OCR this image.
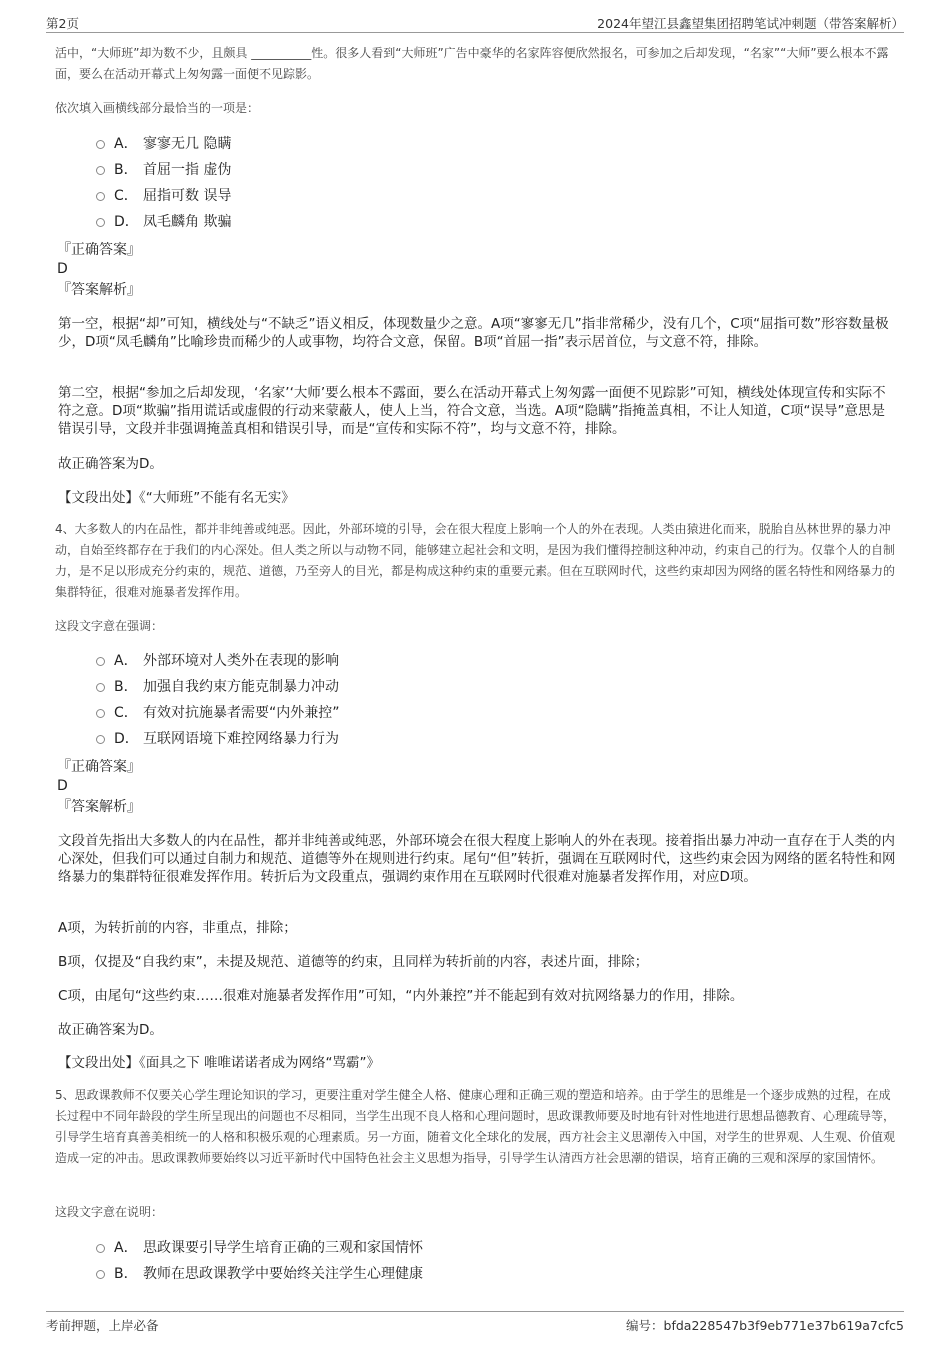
第2页	2024年望江县鑫望集团招聘笔试冲刺题（带答案解析）

活中，“大师班”却为数不少，且颇具 __________性。很多人看到“大师班”广告中豪华的名家阵容便欣然报名，可参加之后却发现，“名家”“大师”要么根本不露面，要么在活动开幕式上匆匆露一面便不见踪影。

依次填入画横线部分最恰当的一项是：

A． 寥寥无几 隐瞒
B． 首屈一指 虚伪
C． 屈指可数 误导
D． 凤毛麟角 欺骗
『正确答案』
D
『答案解析』

第一空，根据“却”可知，横线处与“不缺乏”语义相反，体现数量少之意。A项“寥寥无几”指非常稀少，没有几个，C项“屈指可数”形容数量极少，D项“凤毛麟角”比喻珍贵而稀少的人或事物，均符合文意，保留。B项“首屈一指”表示居首位，与文意不符，排除。

第二空，根据“参加之后却发现，‘名家’‘大师’要么根本不露面，要么在活动开幕式上匆匆露一面便不见踪影”可知，横线处体现宣传和实际不符之意。D项“欺骗”指用谎话或虚假的行动来蒙蔽人，使人上当，符合文意，当选。A项“隐瞒”指掩盖真相，不让人知道，C项“误导”意思是错误引导，文段并非强调掩盖真相和错误引导，而是“宣传和实际不符”，均与文意不符，排除。

故正确答案为D。

【文段出处】《“大师班”不能有名无实》

4、大多数人的内在品性，都并非纯善或纯恶。因此，外部环境的引导，会在很大程度上影响一个人的外在表现。人类由猿进化而来，脱胎自丛林世界的暴力冲动，自始至终都存在于我们的内心深处。但人类之所以与动物不同，能够建立起社会和文明，是因为我们懂得控制这种冲动，约束自己的行为。仅靠个人的自制力，是不足以形成充分约束的，规范、道德，乃至旁人的目光，都是构成这种约束的重要元素。但在互联网时代，这些约束却因为网络的匿名特性和网络暴力的集群特征，很难对施暴者发挥作用。

这段文字意在强调：

A． 外部环境对人类外在表现的影响
B． 加强自我约束方能克制暴力冲动
C． 有效对抗施暴者需要“内外兼控”
D． 互联网语境下难控网络暴力行为
『正确答案』
D
『答案解析』

文段首先指出大多数人的内在品性，都并非纯善或纯恶，外部环境会在很大程度上影响人的外在表现。接着指出暴力冲动一直存在于人类的内心深处，但我们可以通过自制力和规范、道德等外在规则进行约束。尾句“但”转折，强调在互联网时代，这些约束会因为网络的匿名特性和网络暴力的集群特征很难发挥作用。转折后为文段重点，强调约束作用在互联网时代很难对施暴者发挥作用，对应D项。

A项，为转折前的内容，非重点，排除；

B项，仅提及“自我约束”，未提及规范、道德等的约束，且同样为转折前的内容，表述片面，排除；

C项，由尾句“这些约束……很难对施暴者发挥作用”可知，“内外兼控”并不能起到有效对抗网络暴力的作用，排除。

故正确答案为D。

【文段出处】《面具之下 唯唯诺诺者成为网络“骂霸”》

5、思政课教师不仅要关心学生理论知识的学习，更要注重对学生健全人格、健康心理和正确三观的塑造和培养。由于学生的思维是一个逐步成熟的过程，在成长过程中不同年龄段的学生所呈现出的问题也不尽相同，当学生出现不良人格和心理问题时，思政课教师要及时地有针对性地进行思想品德教育、心理疏导等，引导学生培育真善美相统一的人格和积极乐观的心理素质。另一方面，随着文化全球化的发展，西方社会主义思潮传入中国，对学生的世界观、人生观、价值观造成一定的冲击。思政课教师要始终以习近平新时代中国特色社会主义思想为指导，引导学生认清西方社会思潮的错误，培育正确的三观和深厚的家国情怀。

这段文字意在说明：

A． 思政课要引导学生培育正确的三观和家国情怀
B． 教师在思政课教学中要始终关注学生心理健康
考前押题，上岸必备	编号：bfda228547b3f9eb771e37b619a7cfc5
